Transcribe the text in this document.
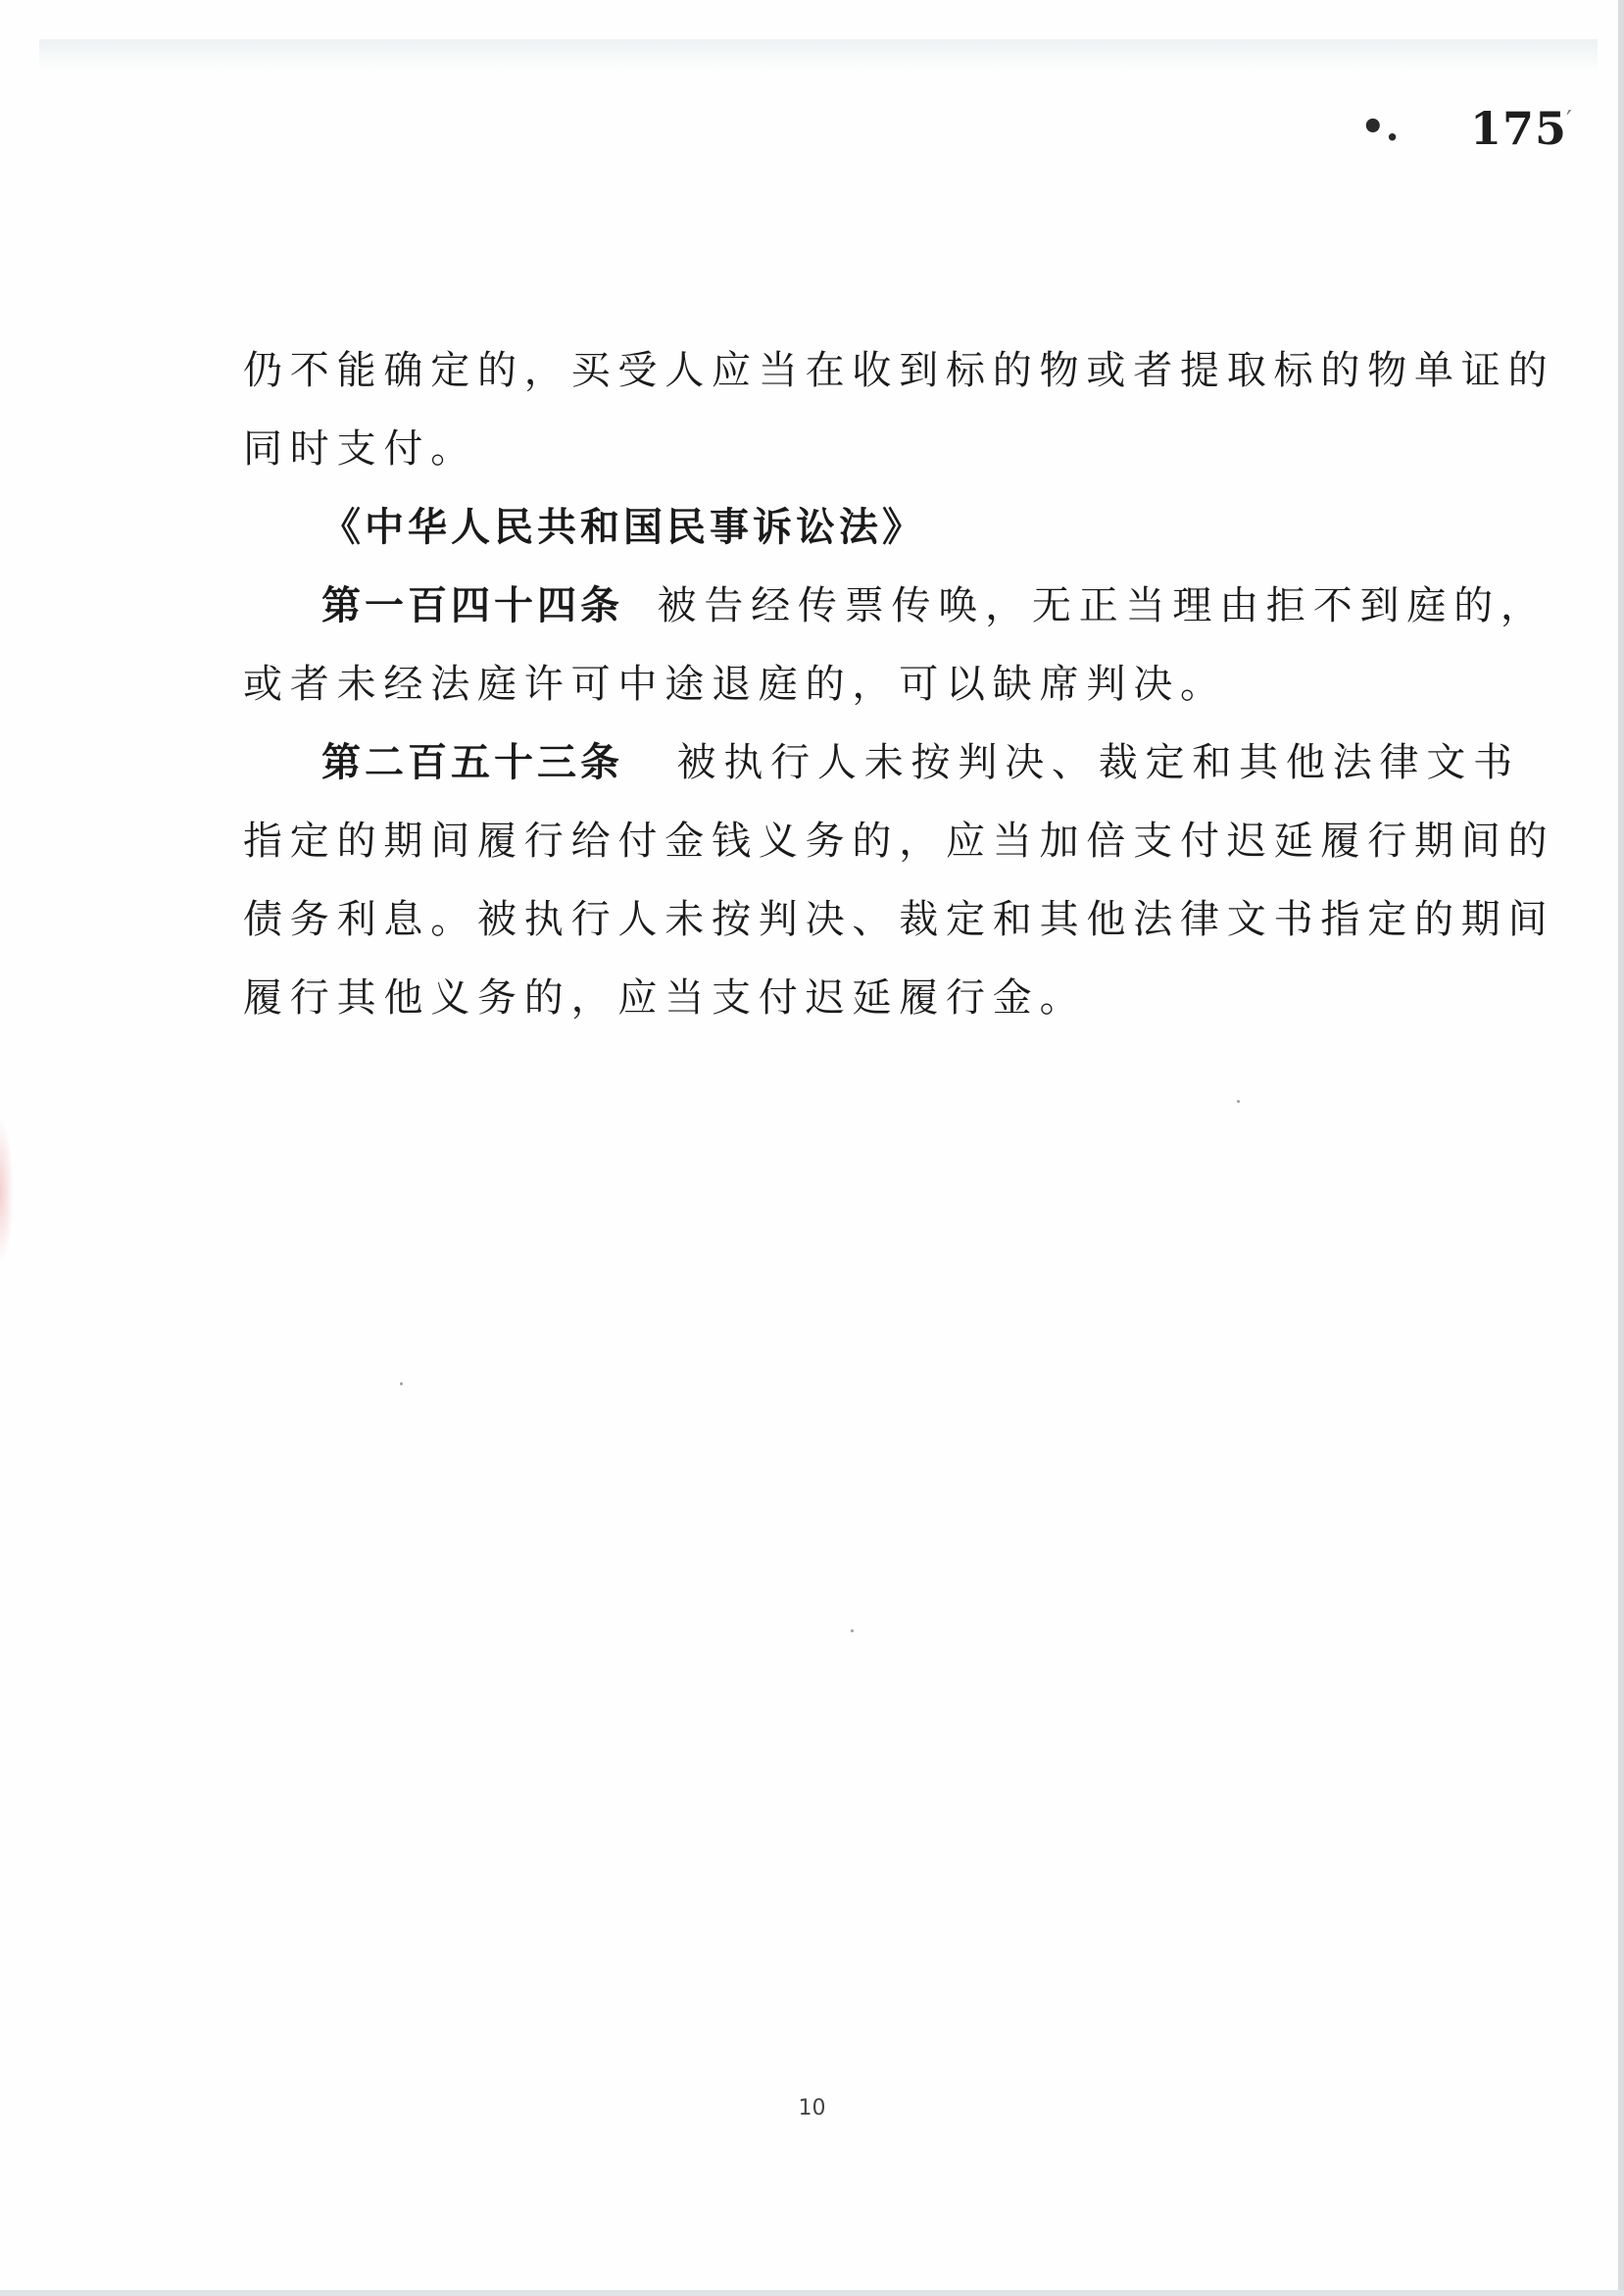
•. 175
′
仍不能确定的，买受人应当在收到标的物或者提取标的物单证的
同时支付。
《中华人民共和国民事诉讼法》
第一百四十四条 被告经传票传唤，无正当理由拒不到庭的，
或者未经法庭许可中途退庭的，可以缺席判决。
第二百五十三条 被执行人未按判决、裁定和其他法律文书
指定的期间履行给付金钱义务的，应当加倍支付迟延履行期间的
债务利息。被执行人未按判决、裁定和其他法律文书指定的期间
履行其他义务的，应当支付迟延履行金。
10
